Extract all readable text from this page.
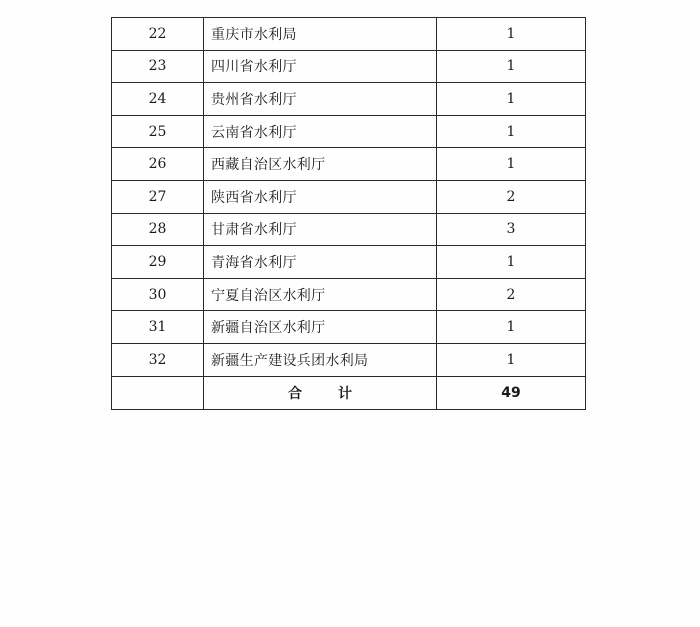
22	重庆市水利局	1
23	四川省水利厅	1
24	贵州省水利厅	1
25	云南省水利厅	1
26	西藏自治区水利厅	1
27	陕西省水利厅	2
28	甘肃省水利厅	3
29	青海省水利厅	1
30	宁夏自治区水利厅	2
31	新疆自治区水利厅	1
32	新疆生产建设兵团水利局	1
	合 计	49
